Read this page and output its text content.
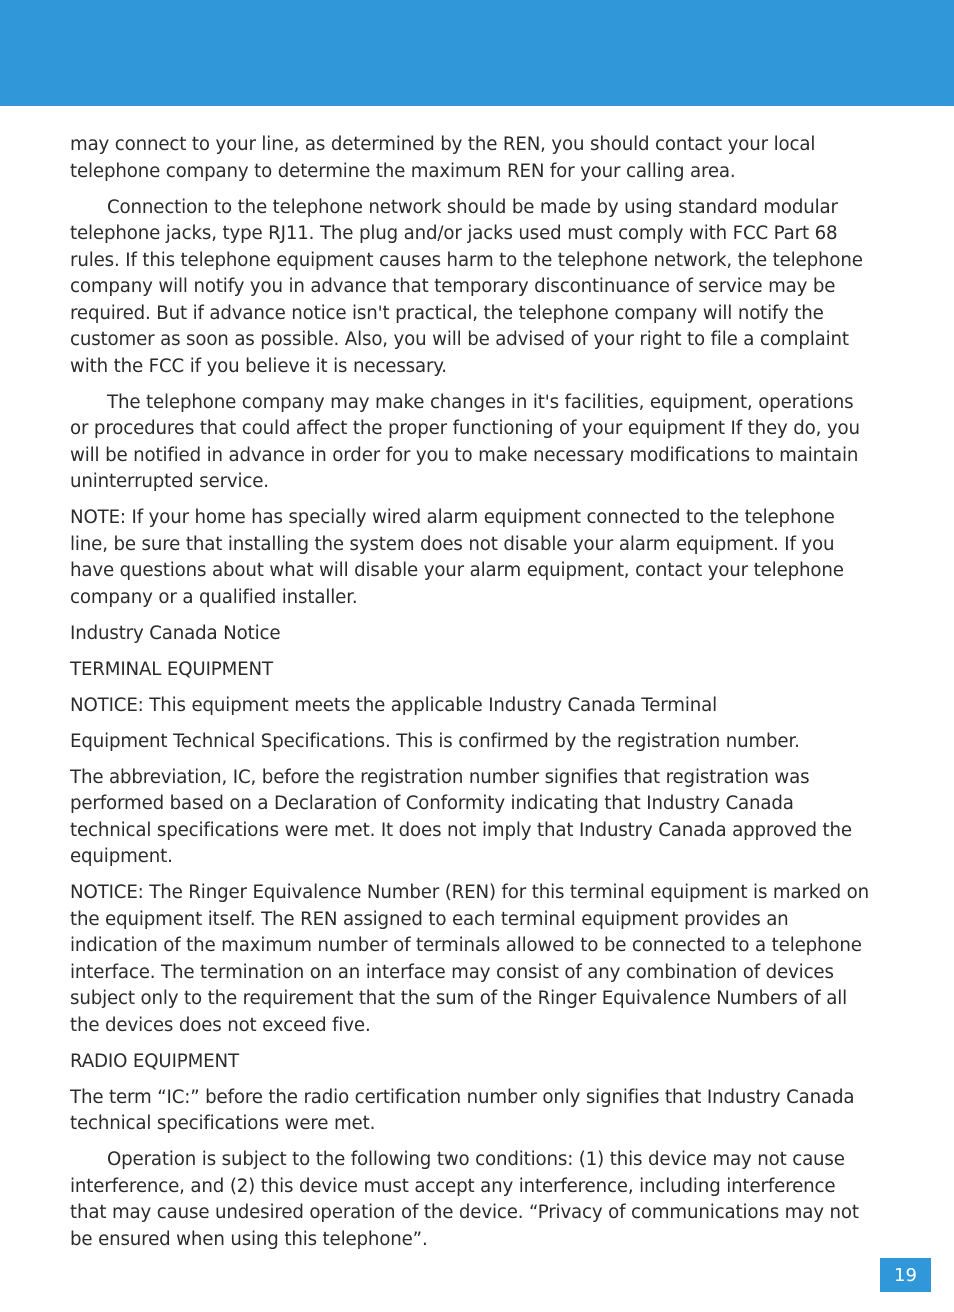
may connect to your line, as determined by the REN, you should contact your local telephone company to determine the maximum REN for your calling area.

Connection to the telephone network should be made by using standard modular telephone jacks, type RJ11. The plug and/or jacks used must comply with FCC Part 68 rules. If this telephone equipment causes harm to the telephone network, the telephone company will notify you in advance that temporary discontinuance of service may be required. But if advance notice isn't practical, the telephone company will notify the customer as soon as possible. Also, you will be advised of your right to file a complaint with the FCC if you believe it is necessary.

The telephone company may make changes in it's facilities, equipment, operations or procedures that could affect the proper functioning of your equipment If they do, you will be notified in advance in order for you to make necessary modifications to maintain uninterrupted service.

NOTE: If your home has specially wired alarm equipment connected to the telephone line, be sure that installing the system does not disable your alarm equipment. If you have questions about what will disable your alarm equipment, contact your telephone company or a qualified installer.

Industry Canada Notice

TERMINAL EQUIPMENT

NOTICE: This equipment meets the applicable Industry Canada Terminal

Equipment Technical Specifications. This is confirmed by the registration number.

The abbreviation, IC, before the registration number signifies that registration was performed based on a Declaration of Conformity indicating that Industry Canada technical specifications were met. It does not imply that Industry Canada approved the equipment.

NOTICE: The Ringer Equivalence Number (REN) for this terminal equipment is marked on the equipment itself. The REN assigned to each terminal equipment provides an indication of the maximum number of terminals allowed to be connected to a telephone interface. The termination on an interface may consist of any combination of devices subject only to the requirement that the sum of the Ringer Equivalence Numbers of all the devices does not exceed five.

RADIO EQUIPMENT

The term “IC:” before the radio certification number only signifies that Industry Canada technical specifications were met.

Operation is subject to the following two conditions: (1) this device may not cause interference, and (2) this device must accept any interference, including interference that may cause undesired operation of the device. “Privacy of communications may not be ensured when using this telephone”.

19
